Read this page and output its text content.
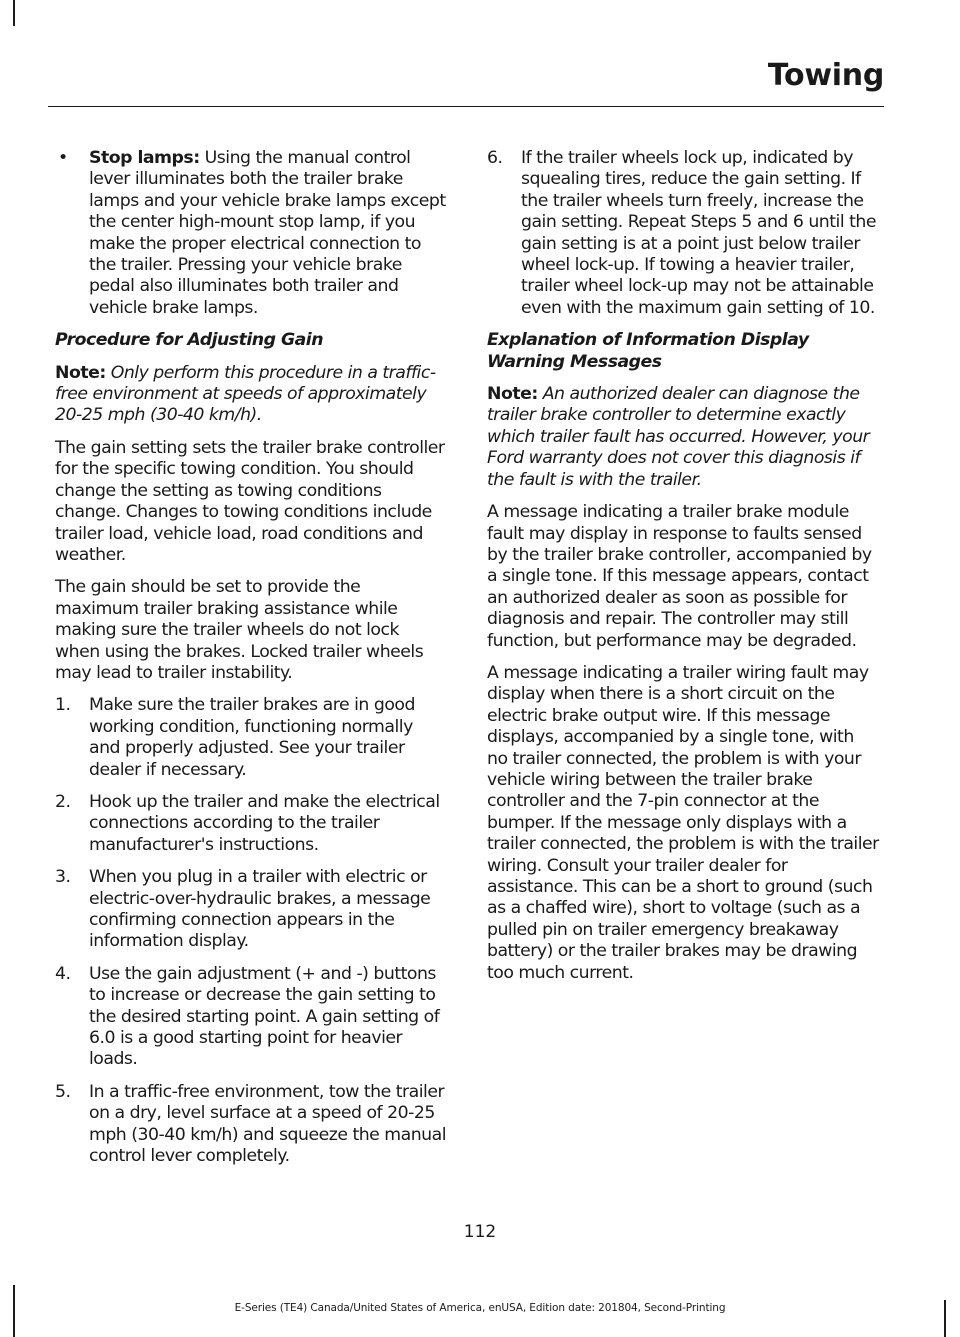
Towing
• Stop lamps: Using the manual control lever illuminates both the trailer brake lamps and your vehicle brake lamps except the center high-mount stop lamp, if you make the proper electrical connection to the trailer. Pressing your vehicle brake pedal also illuminates both trailer and vehicle brake lamps.
Procedure for Adjusting Gain

Note: Only perform this procedure in a traffic-free environment at speeds of approximately 20-25 mph (30-40 km/h).

The gain setting sets the trailer brake controller for the specific towing condition. You should change the setting as towing conditions change. Changes to towing conditions include trailer load, vehicle load, road conditions and weather.

The gain should be set to provide the maximum trailer braking assistance while making sure the trailer wheels do not lock when using the brakes. Locked trailer wheels may lead to trailer instability.

1. Make sure the trailer brakes are in good working condition, functioning normally and properly adjusted. See your trailer dealer if necessary.
2. Hook up the trailer and make the electrical connections according to the trailer manufacturer's instructions.
3. When you plug in a trailer with electric or electric-over-hydraulic brakes, a message confirming connection appears in the information display.
4. Use the gain adjustment (+ and -) buttons to increase or decrease the gain setting to the desired starting point. A gain setting of 6.0 is a good starting point for heavier loads.
5. In a traffic-free environment, tow the trailer on a dry, level surface at a speed of 20-25 mph (30-40 km/h) and squeeze the manual control lever completely.
6. If the trailer wheels lock up, indicated by squealing tires, reduce the gain setting. If the trailer wheels turn freely, increase the gain setting. Repeat Steps 5 and 6 until the gain setting is at a point just below trailer wheel lock-up. If towing a heavier trailer, trailer wheel lock-up may not be attainable even with the maximum gain setting of 10.
Explanation of Information Display Warning Messages

Note: An authorized dealer can diagnose the trailer brake controller to determine exactly which trailer fault has occurred. However, your Ford warranty does not cover this diagnosis if the fault is with the trailer.

A message indicating a trailer brake module fault may display in response to faults sensed by the trailer brake controller, accompanied by a single tone. If this message appears, contact an authorized dealer as soon as possible for diagnosis and repair. The controller may still function, but performance may be degraded.

A message indicating a trailer wiring fault may display when there is a short circuit on the electric brake output wire. If this message displays, accompanied by a single tone, with no trailer connected, the problem is with your vehicle wiring between the trailer brake controller and the 7-pin connector at the bumper. If the message only displays with a trailer connected, the problem is with the trailer wiring. Consult your trailer dealer for assistance. This can be a short to ground (such as a chaffed wire), short to voltage (such as a pulled pin on trailer emergency breakaway battery) or the trailer brakes may be drawing too much current.

112
E-Series (TE4) Canada/United States of America, enUSA, Edition date: 201804, Second-Printing
